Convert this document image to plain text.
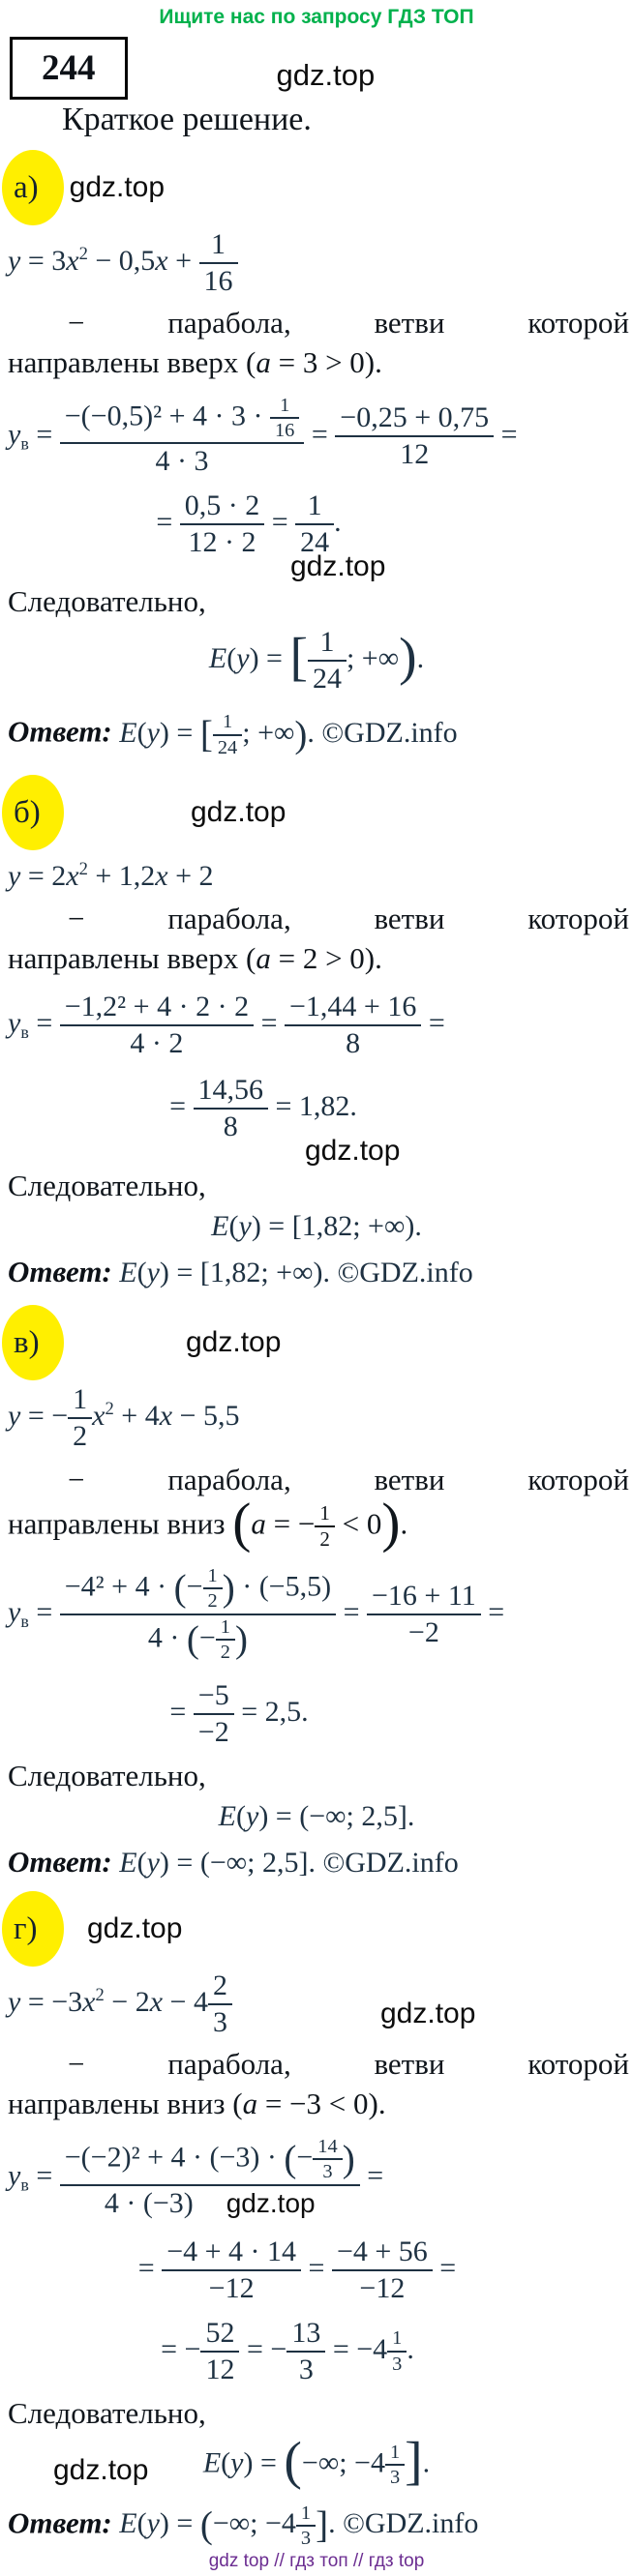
Ищите нас по запросу ГДЗ ТОП
244	gdz.top
Краткое решение.
а) gdz.top
$y = 3x^2 - 0,5x + \frac{1}{16}$
− парабола, ветви которой
направлены вверх (a = 3 > 0).
$y_в = \frac{-(-0,5)^2 + 4 \cdot 3 \cdot \frac{1}{16}}{4 \cdot 3} = \frac{-0,25 + 0,75}{12}$ =
= $\frac{0,5 \cdot 2}{12 \cdot 2} = \frac{1}{24}$ .
gdz.top
Следовательно,
E(y) = [ $\frac{1}{24}$ ; +∞).
Ответ: E(y) = [ $\frac{1}{24}$ ; +∞). ©GDZ.info
б)	gdz.top
$y = 2x^2 + 1,2x + 2$
− парабола, ветви которой
направлены вверх (a = 2 > 0).
$y_в = \frac{\text{−1,2² + 4 · 2 · 2}}{4 \cdot 2} = \frac{-1,44 + 16}{8}$ =
= $\frac{14,56}{8} = 1,82$.
gdz.top
Следовательно,
E(y) = [1,82; +∞).
Ответ: E(y) = [1,82; +∞). ©GDZ.info
в)	gdz.top
y = − $\frac{1}{2} x^2 + 4x - 5,5$
− парабола, ветви которой
направлены вниз (a = − $\frac{1}{2} < 0$).
$y_в = \frac{-4^2 + 4 \cdot (- \frac{1}{2} ) \cdot (-5,5)}{4 \cdot (- \frac{1}{2} )} = \frac{-16 + 11}{-2}$ =
= $\frac{-5}{-2} = 2,5$.
Следовательно,
E(y) = (−∞; 2,5].
Ответ: E(y) = (−∞; 2,5]. ©GDZ.info
г) gdz.top
$y = -3x^2 - 2x - 4 \frac{2}{3}$	gdz.top
− парабола, ветви которой
направлены вниз (a = −3 < 0).
$y_в = \frac{-(-2)^2 + 4 \cdot (-3) \cdot (- \frac{14}{3} )}{\text{4 · (−3) gdz.top}}$ =
= $\frac{-4 + 4 \cdot 14}{-12} = \frac{-4 + 56}{-12}$ =
= − $\frac{52}{12}$ = − $\frac{13}{3} = -4 \frac{1}{3}$ .
Следовательно,
gdz.top E(y) = (−∞; $-4 \frac{1}{3}$ ].
Ответ: E(y) = (−∞; $-4 \frac{1}{3}$ ]. ©GDZ.info
gdz top // гдз топ // гдз top
